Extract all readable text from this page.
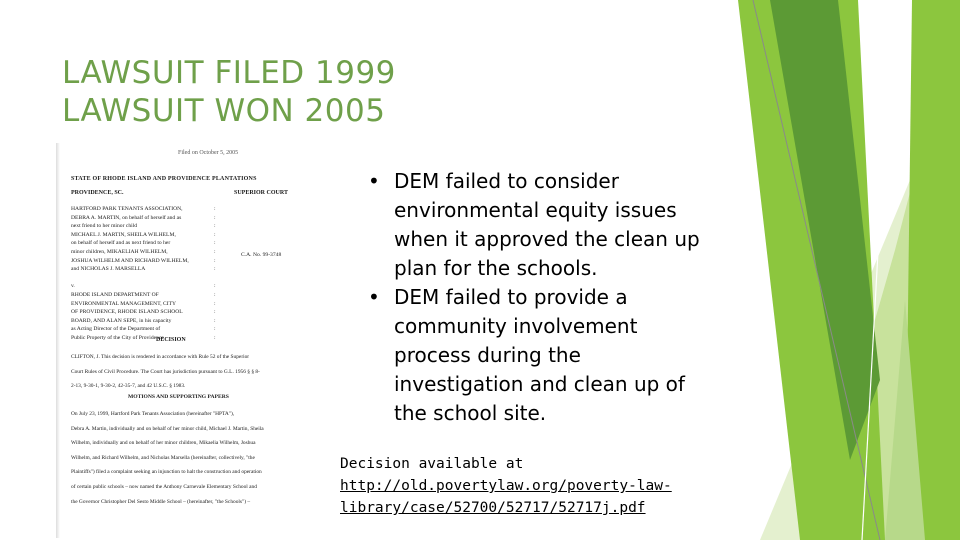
LAWSUIT FILED 1999
LAWSUIT WON 2005
Filed on October 5, 2005
STATE OF RHODE ISLAND AND PROVIDENCE PLANTATIONS
PROVIDENCE, SC.	SUPERIOR COURT
HARTFORD PARK TENANTS ASSOCIATION,
DEBRA A. MARTIN, on behalf of herself and as
next friend to her minor child
MICHAEL J. MARTIN, SHEILA WILHELM,
on behalf of herself and as next friend to her
minor children, MIKAELIAH WILHELM,
JOSHUA WILHELM AND RICHARD WILHELM,
and NICHOLAS J. MARSELLA

v.
RHODE ISLAND DEPARTMENT OF
ENVIRONMENTAL MANAGEMENT, CITY
OF PROVIDENCE, RHODE ISLAND SCHOOL
BOARD, AND ALAN SEPE, in his capacity
as Acting Director of the Department of
Public Property of the City of Providence
:
:
:
:
:
:
:
:

:
:
:
:
:
:
:
C.A. No. 99-3748
DECISION
CLIFTON, J. This decision is rendered in accordance with Rule 52 of the Superior
Court Rules of Civil Procedure. The Court has jurisdiction pursuant to G.L. 1956 § § 8-
2-13, 9-30-1, 9-30-2, 42-35-7, and 42 U.S.C. § 1983.
MOTIONS AND SUPPORTING PAPERS
On July 23, 1999, Hartford Park Tenants Association (hereinafter "HPTA"),
Debra A. Martin, individually and on behalf of her minor child, Michael J. Martin, Sheila
Wilhelm, individually and on behalf of her minor children, Mikaelia Wilhelm, Joshua
Wilhelm, and Richard Wilhelm, and Nicholas Marsella (hereinafter, collectively, "the
Plaintiffs") filed a complaint seeking an injunction to halt the construction and operation
of certain public schools – now named the Anthony Carnevale Elementary School and
the Governor Christopher Del Sesto Middle School – (hereinafter, "the Schools") –
• DEM failed to consider
environmental equity issues
when it approved the clean up
plan for the schools.
• DEM failed to provide a
community involvement
process during the
investigation and clean up of
the school site.
Decision available at
http://old.povertylaw.org/poverty-law-
library/case/52700/52717/52717j.pdf
